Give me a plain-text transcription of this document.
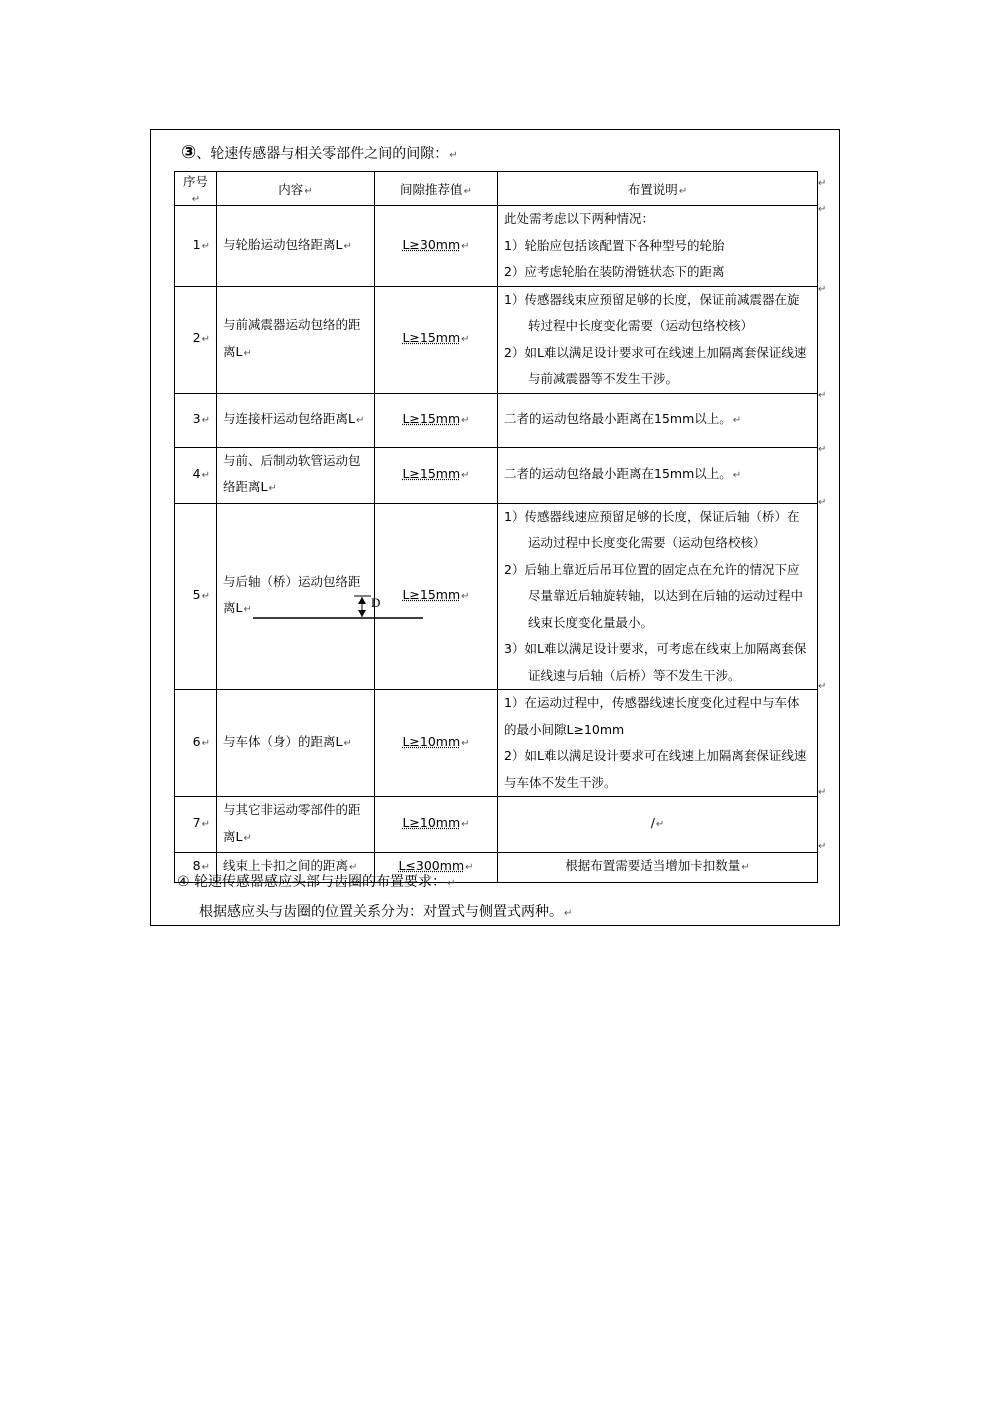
③、轮速传感器与相关零部件之间的间隙：↵
序号↵	内容↵	间隙推荐值↵	布置说明↵
1↵	与轮胎运动包络距离L↵	L≥30mm↵	此处需考虑以下两种情况：
1）轮胎应包括该配置下各种型号的轮胎
2）应考虑轮胎在装防滑链状态下的距离

2↵	与前减震器运动包络的距离L↵	L≥15mm↵	1）传感器线束应预留足够的长度，保证前减震器在旋转过程中长度变化需要（运动包络校核）
2）如L难以满足设计要求可在线速上加隔离套保证线速与前减震器等不发生干涉。

3↵	与连接杆运动包络距离L↵	L≥15mm↵	二者的运动包络最小距离在15mm以上。↵
4↵	与前、后制动软管运动包络距离L↵	L≥15mm↵	二者的运动包络最小距离在15mm以上。↵
5↵	与后轴（桥）运动包络距离L↵	L≥15mm↵	1）传感器线速应预留足够的长度，保证后轴（桥）在运动过程中长度变化需要（运动包络校核）
2）后轴上靠近后吊耳位置的固定点在允许的情况下应尽量靠近后轴旋转轴，以达到在后轴的运动过程中线束长度变化量最小。
3）如L难以满足设计要求，可考虑在线束上加隔离套保证线速与后轴（后桥）等不发生干涉。

6↵	与车体（身）的距离L↵	L≥10mm↵	1）在运动过程中，传感器线速长度变化过程中与车体的最小间隙L≥10mm
2）如L难以满足设计要求可在线速上加隔离套保证线速与车体不发生干涉。

7↵	与其它非运动零部件的距离L↵	L≥10mm↵	/↵
8↵	线束上卡扣之间的距离↵	L≤300mm↵	根据布置需要适当增加卡扣数量↵
↵
↵
↵
↵
↵
↵
↵
↵
↵
D
④ 轮速传感器感应头部与齿圈的布置要求：↵
根据感应头与齿圈的位置关系分为：对置式与侧置式两种。↵
